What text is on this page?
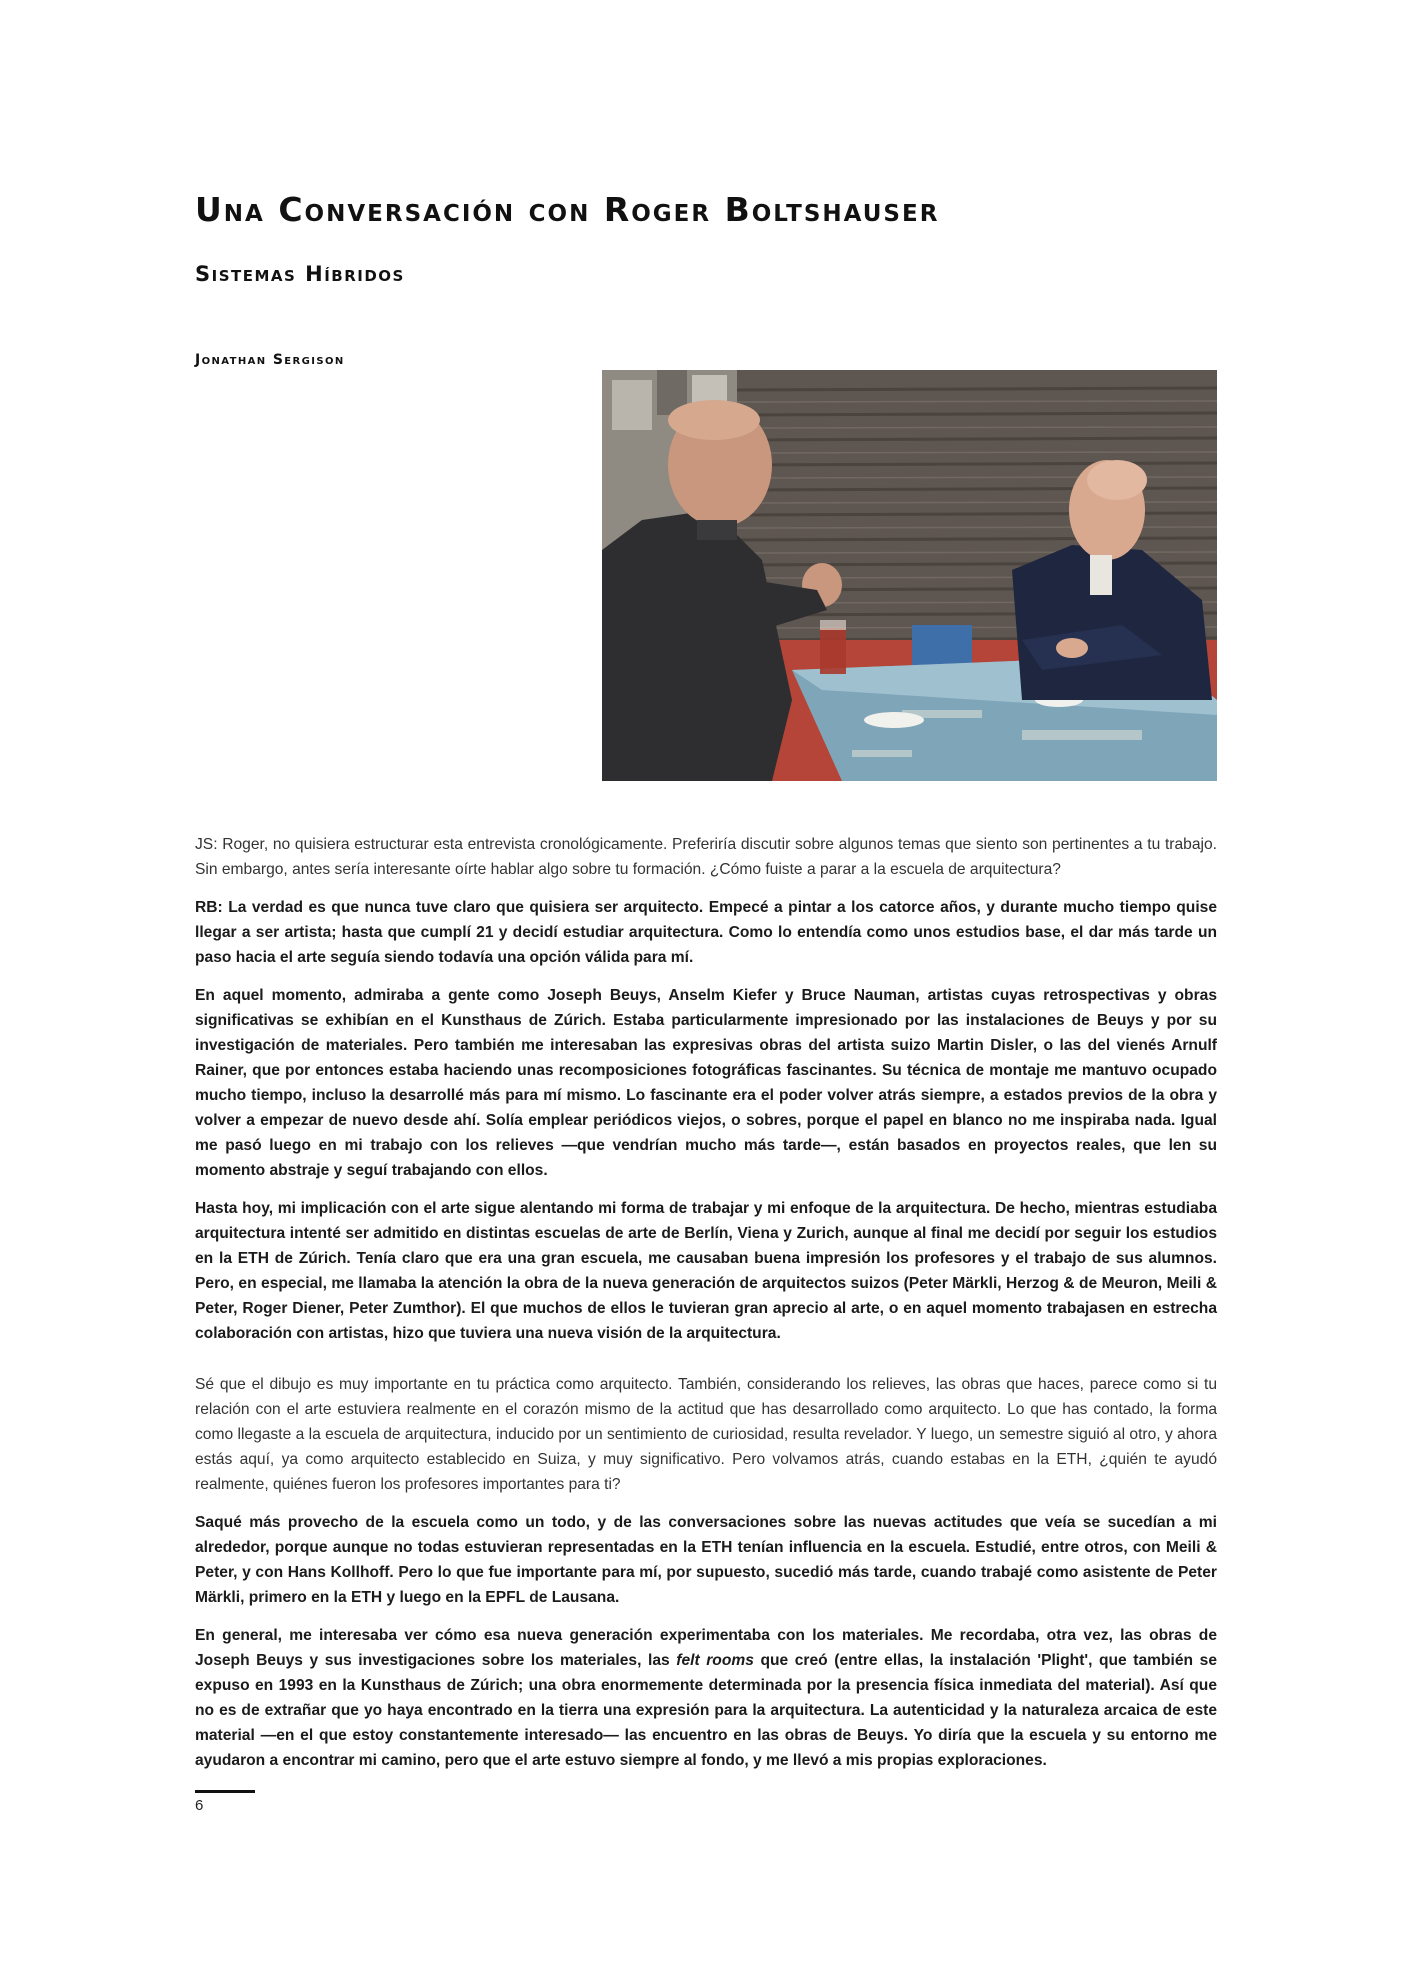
Una Conversación con Roger Boltshauser
Sistemas Híbridos
Jonathan Sergison

JS: Roger, no quisiera estructurar esta entrevista cronológicamente. Preferiría discutir sobre algunos temas que siento son pertinentes a tu trabajo. Sin embargo, antes sería interesante oírte hablar algo sobre tu formación. ¿Cómo fuiste a parar a la escuela de arquitectura?

RB: La verdad es que nunca tuve claro que quisiera ser arquitecto. Empecé a pintar a los catorce años, y durante mucho tiempo quise llegar a ser artista; hasta que cumplí 21 y decidí estudiar arquitectura. Como lo entendía como unos estudios base, el dar más tarde un paso hacia el arte seguía siendo todavía una opción válida para mí.

En aquel momento, admiraba a gente como Joseph Beuys, Anselm Kiefer y Bruce Nauman, artistas cuyas retrospectivas y obras significativas se exhibían en el Kunsthaus de Zúrich. Estaba particularmente impresionado por las instalaciones de Beuys y por su investigación de materiales. Pero también me interesaban las expresivas obras del artista suizo Martin Disler, o las del vienés Arnulf Rainer, que por entonces estaba haciendo unas recomposiciones fotográficas fascinantes. Su técnica de montaje me mantuvo ocupado mucho tiempo, incluso la desarrollé más para mí mismo. Lo fascinante era el poder volver atrás siempre, a estados previos de la obra y volver a empezar de nuevo desde ahí. Solía emplear periódicos viejos, o sobres, porque el papel en blanco no me inspiraba nada. Igual me pasó luego en mi trabajo con los relieves —que vendrían mucho más tarde—, están basados en proyectos reales, que len su momento abstraje y seguí trabajando con ellos.

Hasta hoy, mi implicación con el arte sigue alentando mi forma de trabajar y mi enfoque de la arquitectura. De hecho, mientras estudiaba arquitectura intenté ser admitido en distintas escuelas de arte de Berlín, Viena y Zurich, aunque al final me decidí por seguir los estudios en la ETH de Zúrich. Tenía claro que era una gran escuela, me causaban buena impresión los profesores y el trabajo de sus alumnos. Pero, en especial, me llamaba la atención la obra de la nueva generación de arquitectos suizos (Peter Märkli, Herzog & de Meuron, Meili & Peter, Roger Diener, Peter Zumthor). El que muchos de ellos le tuvieran gran aprecio al arte, o en aquel momento trabajasen en estrecha colaboración con artistas, hizo que tuviera una nueva visión de la arquitectura.

Sé que el dibujo es muy importante en tu práctica como arquitecto. También, considerando los relieves, las obras que haces, parece como si tu relación con el arte estuviera realmente en el corazón mismo de la actitud que has desarrollado como arquitecto. Lo que has contado, la forma como llegaste a la escuela de arquitectura, inducido por un sentimiento de curiosidad, resulta revelador. Y luego, un semestre siguió al otro, y ahora estás aquí, ya como arquitecto establecido en Suiza, y muy significativo. Pero volvamos atrás, cuando estabas en la ETH, ¿quién te ayudó realmente, quiénes fueron los profesores importantes para ti?

Saqué más provecho de la escuela como un todo, y de las conversaciones sobre las nuevas actitudes que veía se sucedían a mi alrededor, porque aunque no todas estuvieran representadas en la ETH tenían influencia en la escuela. Estudié, entre otros, con Meili & Peter, y con Hans Kollhoff. Pero lo que fue importante para mí, por supuesto, sucedió más tarde, cuando trabajé como asistente de Peter Märkli, primero en la ETH y luego en la EPFL de Lausana.

En general, me interesaba ver cómo esa nueva generación experimentaba con los materiales. Me recordaba, otra vez, las obras de Joseph Beuys y sus investigaciones sobre los materiales, las felt rooms que creó (entre ellas, la instalación 'Plight', que también se expuso en 1993 en la Kunsthaus de Zúrich; una obra enormemente determinada por la presencia física inmediata del material). Así que no es de extrañar que yo haya encontrado en la tierra una expresión para la arquitectura. La autenticidad y la naturaleza arcaica de este material —en el que estoy constantemente interesado— las encuentro en las obras de Beuys. Yo diría que la escuela y su entorno me ayudaron a encontrar mi camino, pero que el arte estuvo siempre al fondo, y me llevó a mis propias exploraciones.

6
